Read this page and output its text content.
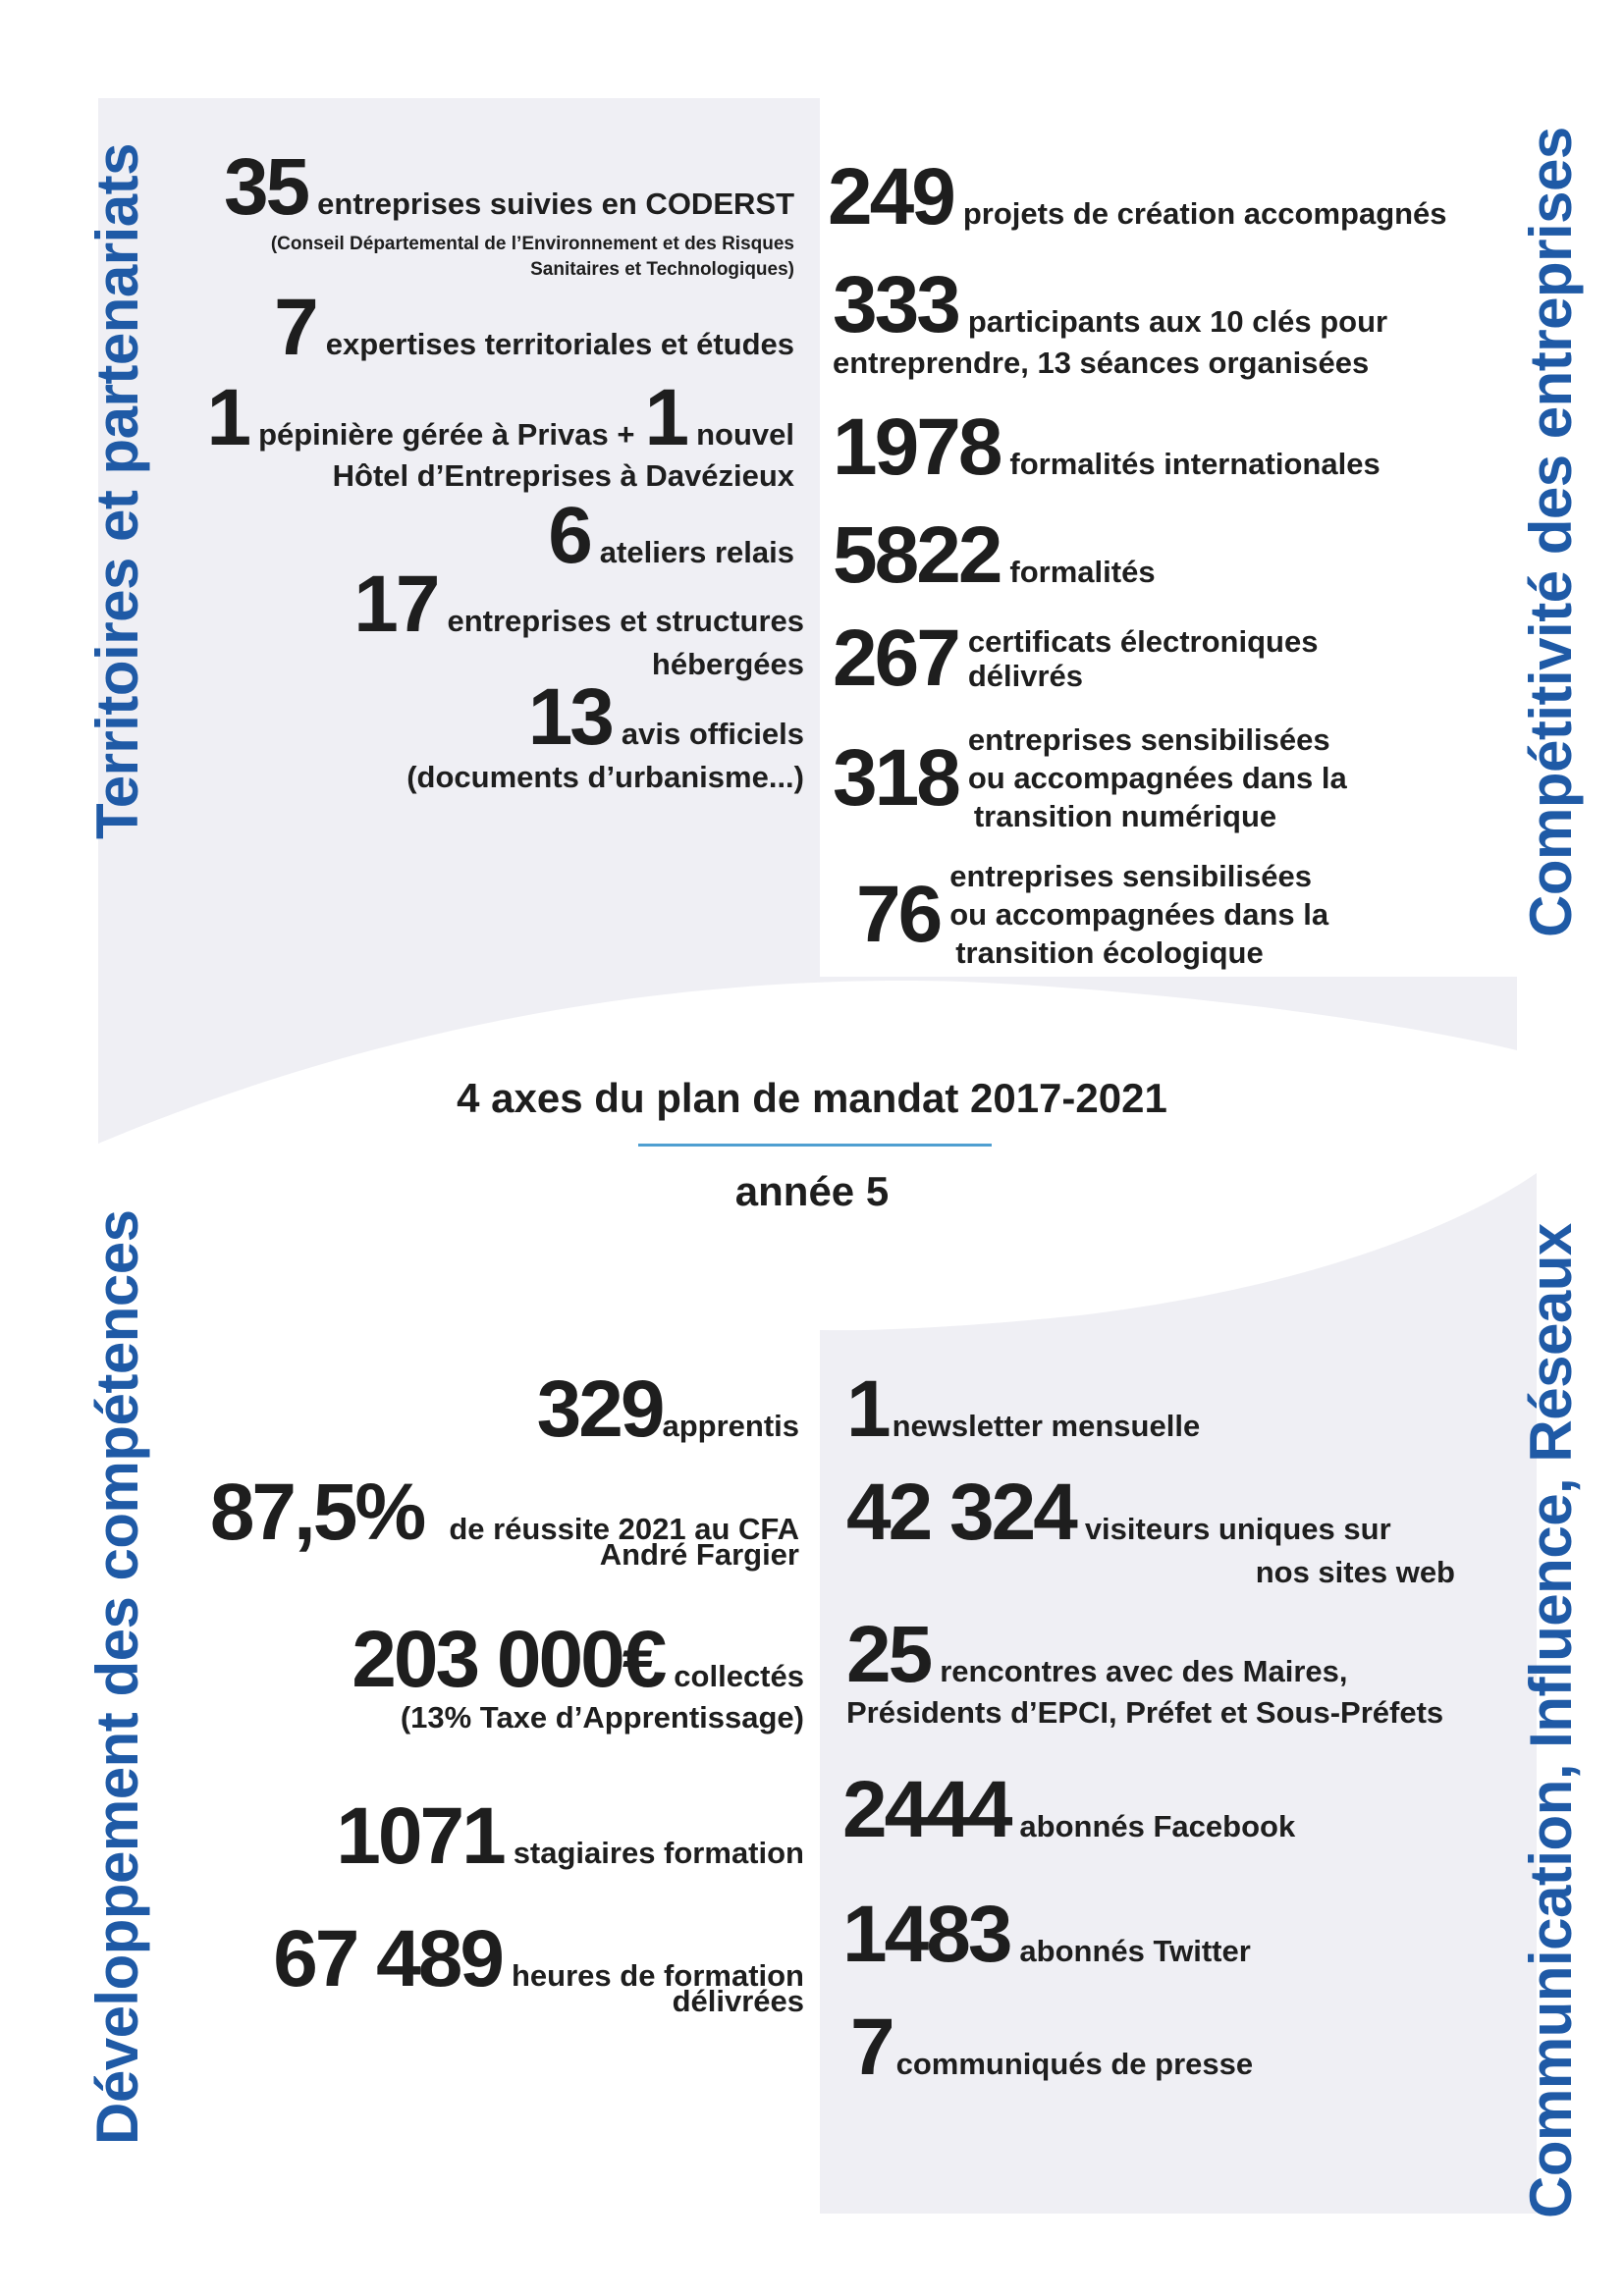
Territoires et partenariats	Compétitivité des entreprises
Développement des compétences	Communication, Influence, Réseaux
4 axes du plan de mandat 2017-2021
année 5
35 entreprises suivies en CODERST
(Conseil Départemental de l’Environnement et des Risques
Sanitaires et Technologiques)
7 expertises territoriales et études
1 pépinière gérée à Privas + 1 nouvel
Hôtel d’Entreprises à Davézieux
6 ateliers relais
17 entreprises et structures
hébergées
13 avis officiels
(documents d’urbanisme...)
249 projets de création accompagnés
333 participants aux 10 clés pour
entreprendre, 13 séances organisées
1978 formalités internationales
5822 formalités
267 certificats électroniques
délivrés
318 entreprises sensibilisées
ou accompagnées dans la
transition numérique
76 entreprises sensibilisées
ou accompagnées dans la
transition écologique
329 apprentis
87,5% de réussite 2021 au CFA
André Fargier
203 000€ collectés
(13% Taxe d’Apprentissage)
1071 stagiaires formation
67 489 heures de formation
délivrées
1 newsletter mensuelle
42 324 visiteurs uniques sur
nos sites web
25 rencontres avec des Maires,
Présidents d’EPCI, Préfet et Sous-Préfets
2444 abonnés Facebook
1483 abonnés Twitter
7 communiqués de presse
